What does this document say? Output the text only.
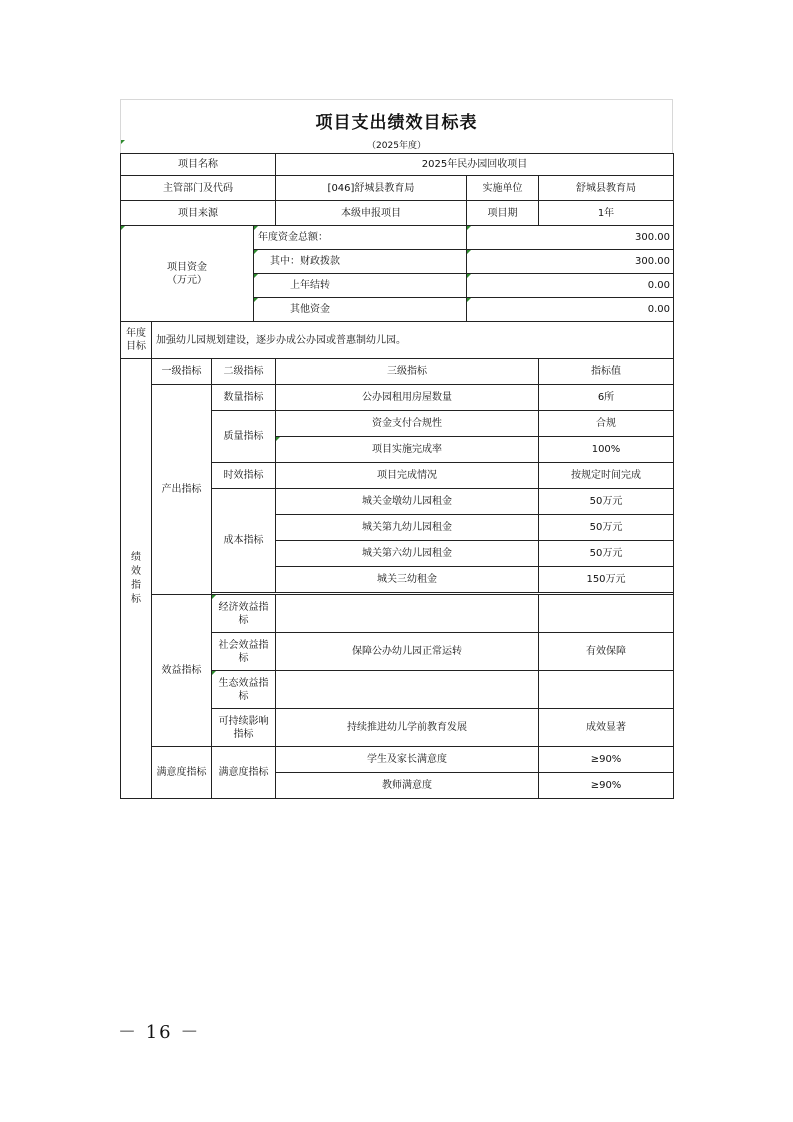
项目支出绩效目标表
（2025年度）
项目名称				2025年民办园回收项目		
主管部门及代码				[046]舒城县教育局	实施单位	舒城县教育局
项目来源				本级申报项目	项目期	1年

项目资金
（万元）			年度资金总额：		300.00	
			其中：财政拨款		300.00	
			上年结转		0.00	
			其他资金		0.00	

年度
目标	加强幼儿园规划建设，逐步办成公办园或普惠制幼儿园。					

绩
效
指
标	一级指标	二级指标		三级指标		指标值
	产出指标	数量指标		公办园租用房屋数量		6所
		质量指标		资金支付合规性		合规
				项目实施完成率		100%
		时效指标		项目完成情况		按规定时间完成
		成本指标		城关金墩幼儿园租金		50万元
				城关第九幼儿园租金		50万元
				城关第六幼儿园租金		50万元
				城关三幼租金		150万元

	效益指标	经济效益指标				
		社会效益指标		保障公办幼儿园正常运转		有效保障
		生态效益指标				
		可持续影响指标		持续推进幼儿学前教育发展		成效显著
	满意度指标	满意度指标		学生及家长满意度		≥90%
				教师满意度		≥90%
－ 16 －
